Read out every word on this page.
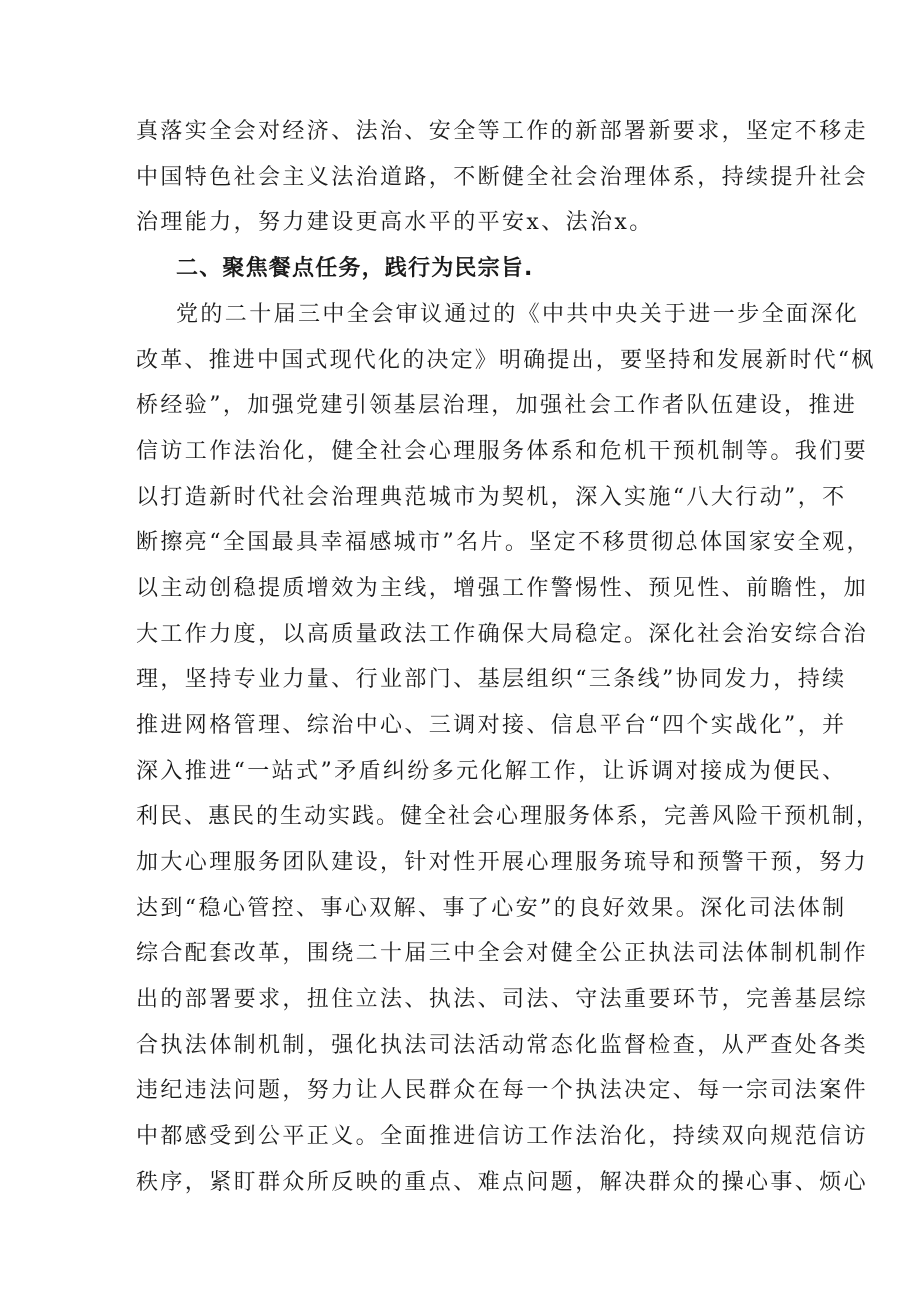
真落实全会对经济、法治、安全等工作的新部署新要求，坚定不移走
中国特色社会主义法治道路，不断健全社会治理体系，持续提升社会
治理能力，努力建设更高水平的平安x、法治x。
二、聚焦餐点任务，践行为民宗旨.
党的二十届三中全会审议通过的《中共中央关于进一步全面深化
改革、推进中国式现代化的决定》明确提出，要坚持和发展新时代“枫
桥经验”，加强党建引领基层治理，加强社会工作者队伍建设，推进
信访工作法治化，健全社会心理服务体系和危机干预机制等。我们要
以打造新时代社会治理典范城市为契机，深入实施“八大行动”，不
断擦亮“全国最具幸福感城市”名片。坚定不移贯彻总体国家安全观，
以主动创稳提质增效为主线，增强工作警惕性、预见性、前瞻性，加
大工作力度，以高质量政法工作确保大局稳定。深化社会治安综合治
理，坚持专业力量、行业部门、基层组织“三条线”协同发力，持续
推进网格管理、综治中心、三调对接、信息平台“四个实战化”，并
深入推进“一站式”矛盾纠纷多元化解工作，让诉调对接成为便民、
利民、惠民的生动实践。健全社会心理服务体系，完善风险干预机制，
加大心理服务团队建设，针对性开展心理服务琉导和预警干预，努力
达到“稳心管控、事心双解、事了心安”的良好效果。深化司法体制
综合配套改革，围绕二十届三中全会对健全公正执法司法体制机制作
出的部署要求，扭住立法、执法、司法、守法重要环节，完善基层综
合执法体制机制，强化执法司法活动常态化监督检查，从严查处各类
违纪违法问题，努力让人民群众在每一个执法决定、每一宗司法案件
中都感受到公平正义。全面推进信访工作法治化，持续双向规范信访
秩序，紧盯群众所反映的重点、难点问题，解决群众的操心事、烦心
